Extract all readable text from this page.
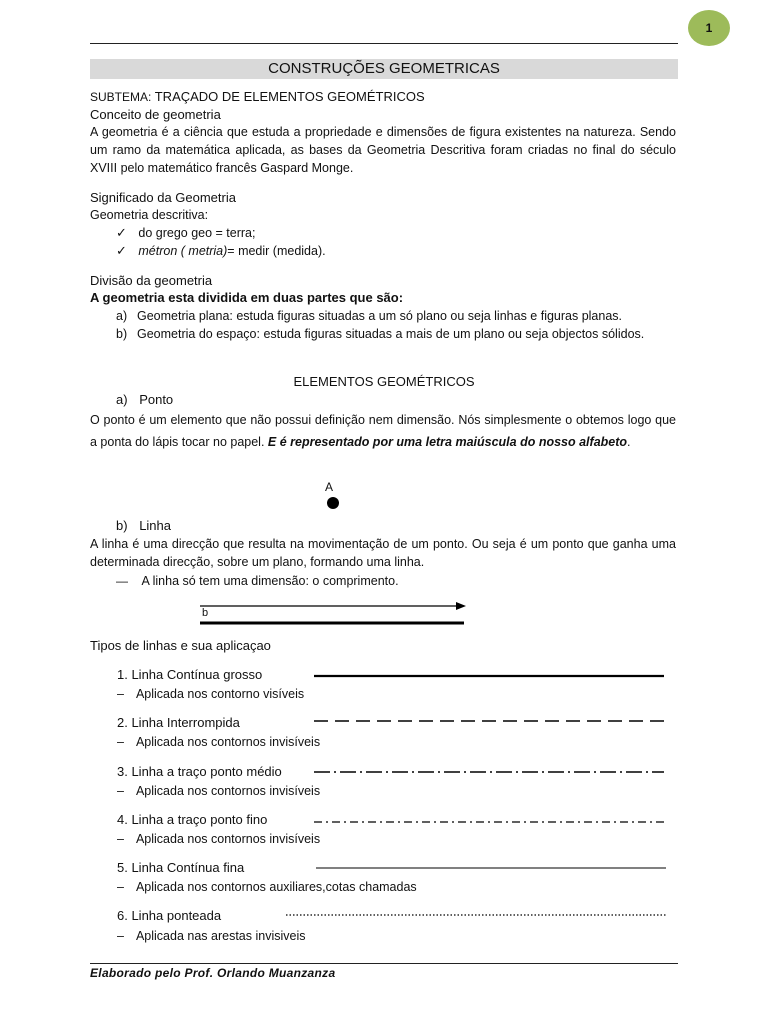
1
CONSTRUÇÕES GEOMETRICAS
SUBTEMA: TRAÇADO DE ELEMENTOS GEOMÉTRICOS
Conceito de geometria
A geometria é a ciência que estuda a propriedade e dimensões de figura existentes na natureza. Sendo um ramo da matemática aplicada, as bases da Geometria Descritiva foram criadas no final do século XVIII pelo matemático francês Gaspard Monge.
Significado da Geometria
Geometria descritiva:
✓ do grego geo = terra;
✓ métron ( metria)= medir (medida).
Divisão da geometria
A geometria esta dividida em duas partes que são:
a) Geometria plana: estuda figuras situadas a um só plano ou seja linhas e figuras planas.
b) Geometria do espaço: estuda figuras situadas a mais de um plano ou seja objectos sólidos.
ELEMENTOS GEOMÉTRICOS
a) Ponto
O ponto é um elemento que não possui definição nem dimensão. Nós simplesmente o obtemos logo que a ponta do lápis tocar no papel. E é representado por uma letra maiúscula do nosso alfabeto.
A
b) Linha
A linha é uma direcção que resulta na movimentação de um ponto. Ou seja é um ponto que ganha uma determinada direcção, sobre um plano, formando uma linha.
— A linha só tem uma dimensão: o comprimento.
b
Tipos de linhas e sua aplicaçao
1. Linha Contínua grosso
– Aplicada nos contorno visíveis
2. Linha Interrompida
– Aplicada nos contornos invisíveis
3. Linha a traço ponto médio
– Aplicada nos contornos invisíveis
4. Linha a traço ponto fino
– Aplicada nos contornos invisíveis
5. Linha Contínua fina
– Aplicada nos contornos auxiliares,cotas chamadas
6. Linha ponteada
– Aplicada nas arestas invisiveis
Elaborado pelo Prof. Orlando Muanzanza
